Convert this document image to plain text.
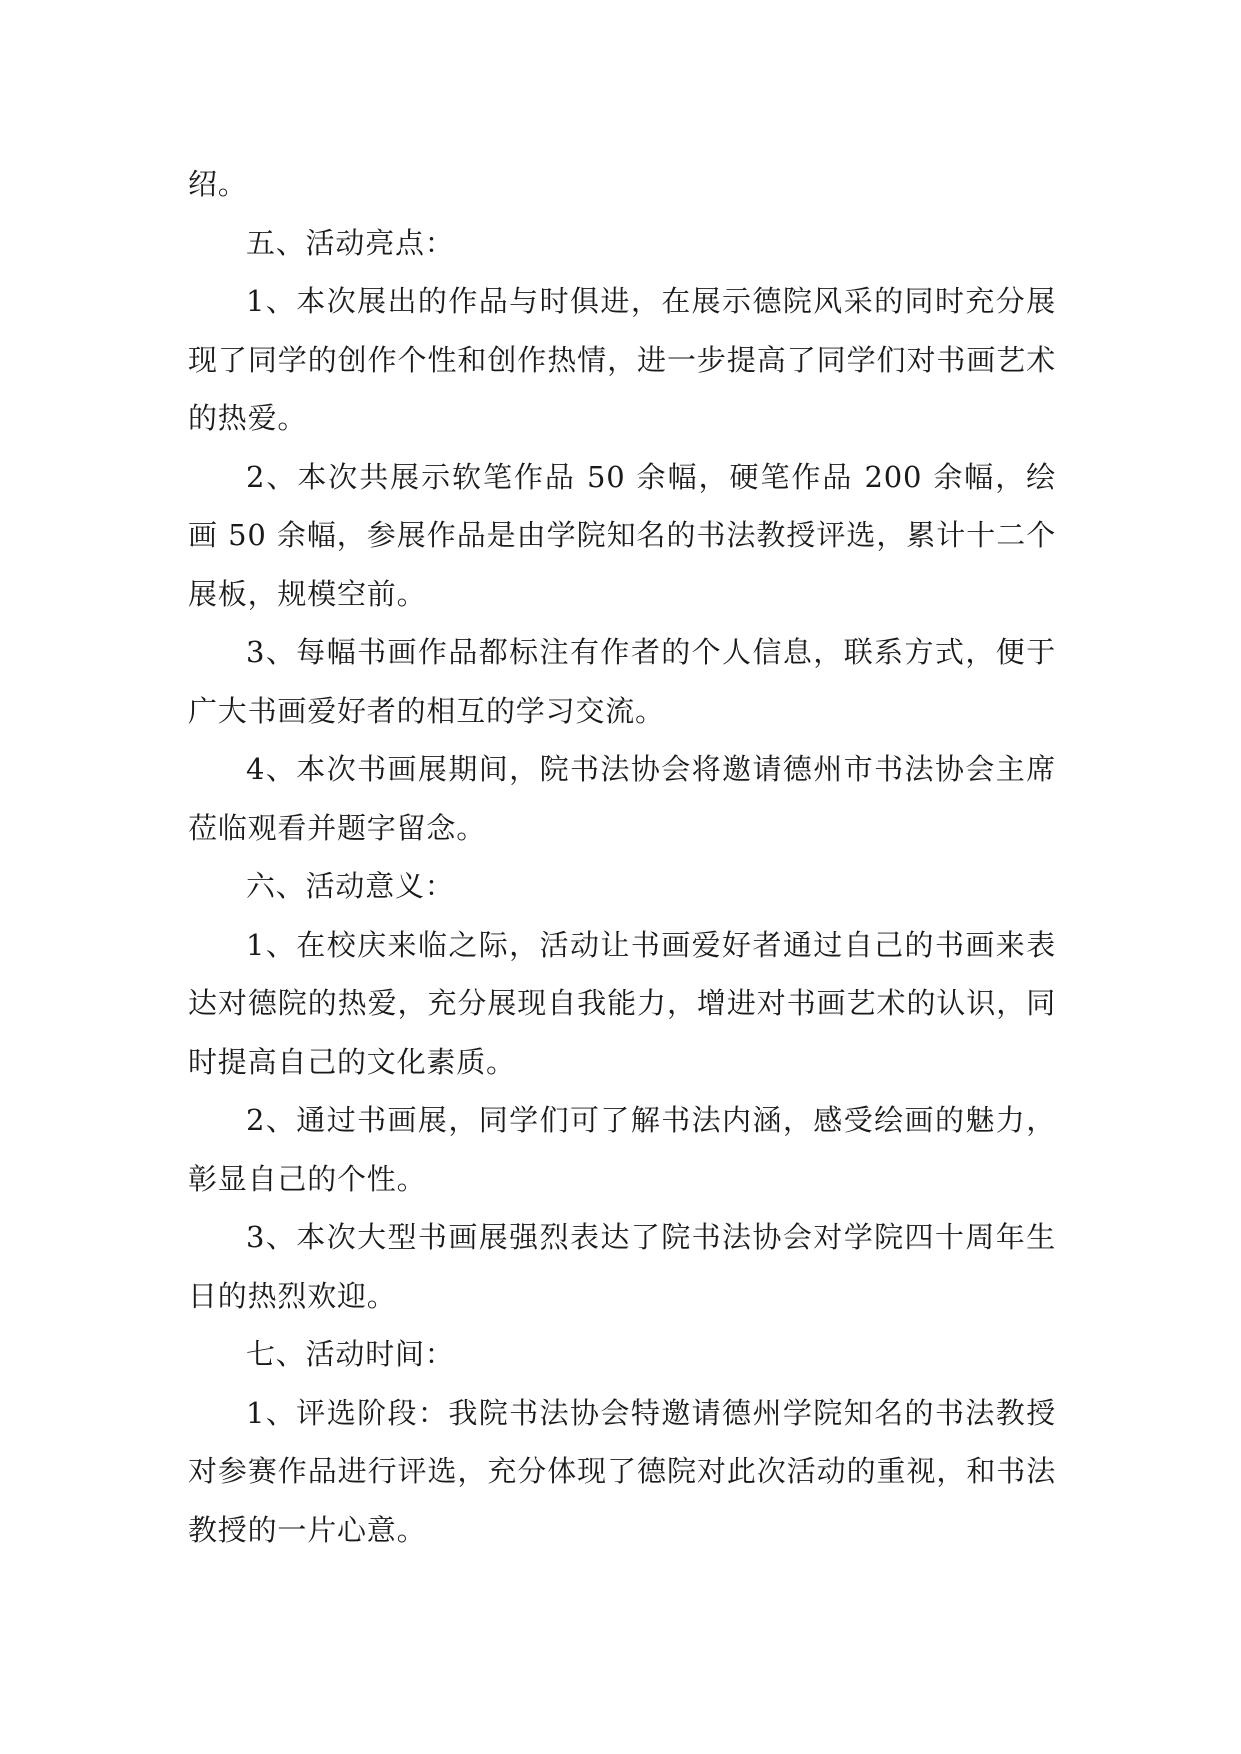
绍。

五、活动亮点：

1、本次展出的作品与时俱进，在展示德院风采的同时充分展现了同学的创作个性和创作热情，进一步提高了同学们对书画艺术的热爱。

2、本次共展示软笔作品 50 余幅，硬笔作品 200 余幅，绘画 50 余幅，参展作品是由学院知名的书法教授评选，累计十二个展板，规模空前。

3、每幅书画作品都标注有作者的个人信息，联系方式，便于广大书画爱好者的相互的学习交流。

4、本次书画展期间，院书法协会将邀请德州市书法协会主席莅临观看并题字留念。

六、活动意义：

1、在校庆来临之际，活动让书画爱好者通过自己的书画来表达对德院的热爱，充分展现自我能力，增进对书画艺术的认识，同时提高自己的文化素质。

2、通过书画展，同学们可了解书法内涵，感受绘画的魅力，彰显自己的个性。

3、本次大型书画展强烈表达了院书法协会对学院四十周年生日的热烈欢迎。

七、活动时间：

1、评选阶段：我院书法协会特邀请德州学院知名的书法教授对参赛作品进行评选，充分体现了德院对此次活动的重视，和书法教授的一片心意。
